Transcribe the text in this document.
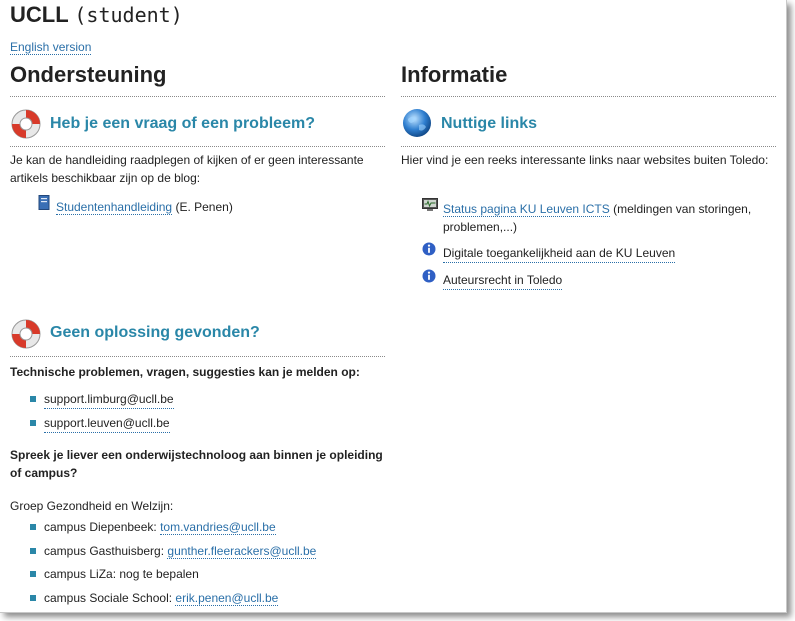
UCLL (student)
English version
Ondersteuning
Heb je een vraag of een probleem?
Je kan de handleiding raadplegen of kijken of er geen interessante artikels beschikbaar zijn op de blog:
Studentenhandleiding (E. Penen)
Geen oplossing gevonden?
Technische problemen, vragen, suggesties kan je melden op:
support.limburg@ucll.be
support.leuven@ucll.be
Spreek je liever een onderwijstechnoloog aan binnen je opleiding of campus?
Groep Gezondheid en Welzijn:
campus Diepenbeek: tom.vandries@ucll.be
campus Gasthuisberg: gunther.fleerackers@ucll.be
campus LiZa: nog te bepalen
campus Sociale School: erik.penen@ucll.be
Informatie
Nuttige links
Hier vind je een reeks interessante links naar websites buiten Toledo:
Status pagina KU Leuven ICTS (meldingen van storingen, problemen,...)
Digitale toegankelijkheid aan de KU Leuven
Auteursrecht in Toledo
